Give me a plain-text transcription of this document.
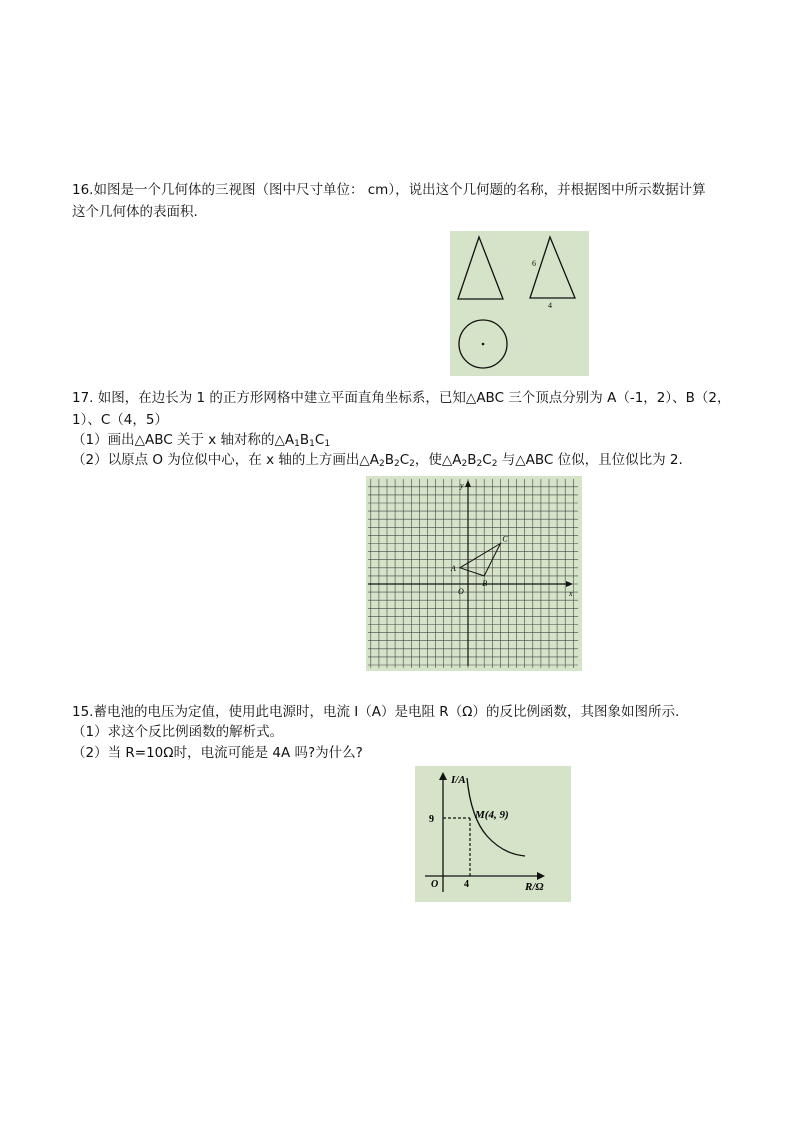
16.如图是一个几何体的三视图（图中尺寸单位： cm），说出这个几何题的名称，并根据图中所示数据计算
这个几何体的表面积.
6
4
17. 如图，在边长为 1 的正方形网格中建立平面直角坐标系，已知△ABC 三个顶点分别为 A（-1，2）、B（2，
1）、C（4，5）
（1）画出△ABC 关于 x 轴对称的$\triangle A_1B_1C_1$
（2）以原点 O 为位似中心，在 x 轴的上方画出$\triangle A_2B_2C_2$，使$\triangle A_2B_2C_2$ 与△ABC 位似，且位似比为 2.
y
x
O
A
B
C
15.蓄电池的电压为定值，使用此电源时，电流 I（A）是电阻 R（Ω）的反比例函数，其图象如图所示.
（1）求这个反比例函数的解析式。
（2）当 R=10Ω时，电流可能是 4A 吗?为什么?
I/A
R/Ω
O
9
4
M(4, 9)
